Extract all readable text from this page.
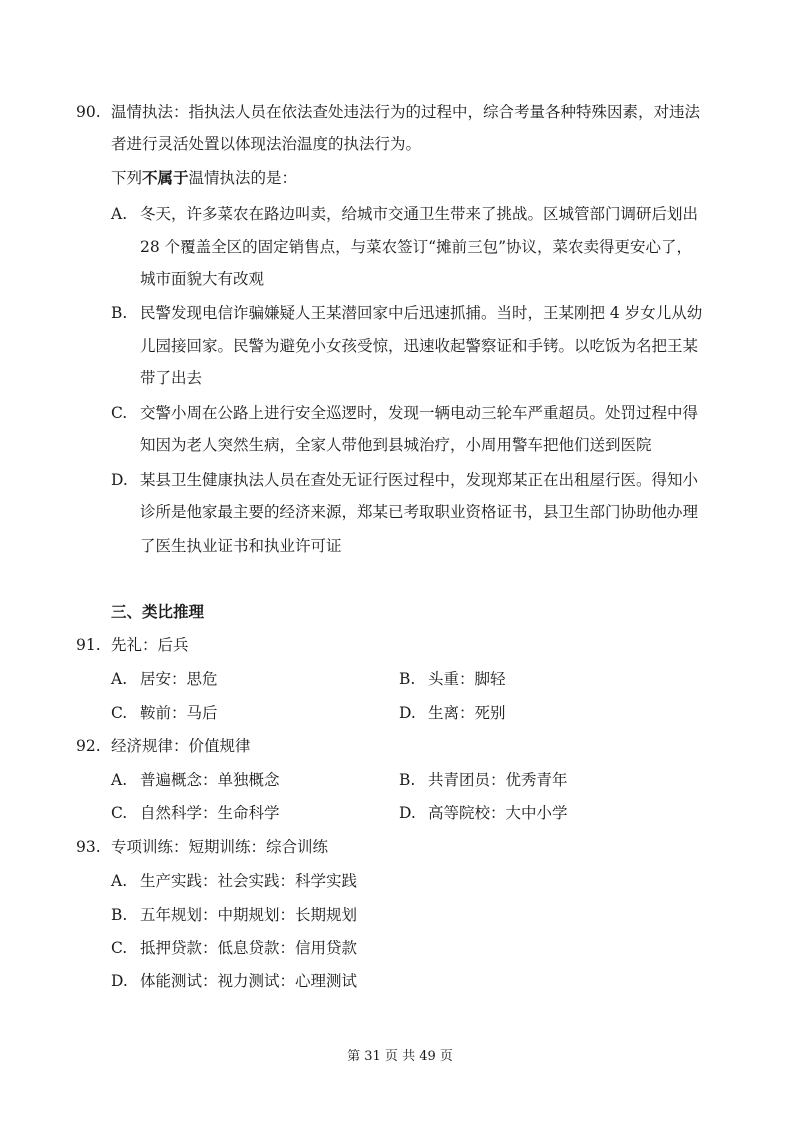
90. 温情执法：指执法人员在依法查处违法行为的过程中，综合考量各种特殊因素，对违法
者进行灵活处置以体现法治温度的执法行为。
下列不属于温情执法的是：
A. 冬天，许多菜农在路边叫卖，给城市交通卫生带来了挑战。区城管部门调研后划出
28 个覆盖全区的固定销售点，与菜农签订“摊前三包”协议，菜农卖得更安心了，
城市面貌大有改观
B. 民警发现电信诈骗嫌疑人王某潜回家中后迅速抓捕。当时，王某刚把 4 岁女儿从幼
儿园接回家。民警为避免小女孩受惊，迅速收起警察证和手铐。以吃饭为名把王某
带了出去
C. 交警小周在公路上进行安全巡逻时，发现一辆电动三轮车严重超员。处罚过程中得
知因为老人突然生病，全家人带他到县城治疗，小周用警车把他们送到医院
D. 某县卫生健康执法人员在查处无证行医过程中，发现郑某正在出租屋行医。得知小
诊所是他家最主要的经济来源，郑某已考取职业资格证书，县卫生部门协助他办理
了医生执业证书和执业许可证
三、类比推理
91. 先礼：后兵
A. 居安：思危	B. 头重：脚轻
C. 鞍前：马后	D. 生离：死别
92. 经济规律：价值规律
A. 普遍概念：单独概念	B. 共青团员：优秀青年
C. 自然科学：生命科学	D. 高等院校：大中小学
93. 专项训练：短期训练：综合训练
A. 生产实践：社会实践：科学实践
B. 五年规划：中期规划：长期规划
C. 抵押贷款：低息贷款：信用贷款
D. 体能测试：视力测试：心理测试
第 31 页 共 49 页
